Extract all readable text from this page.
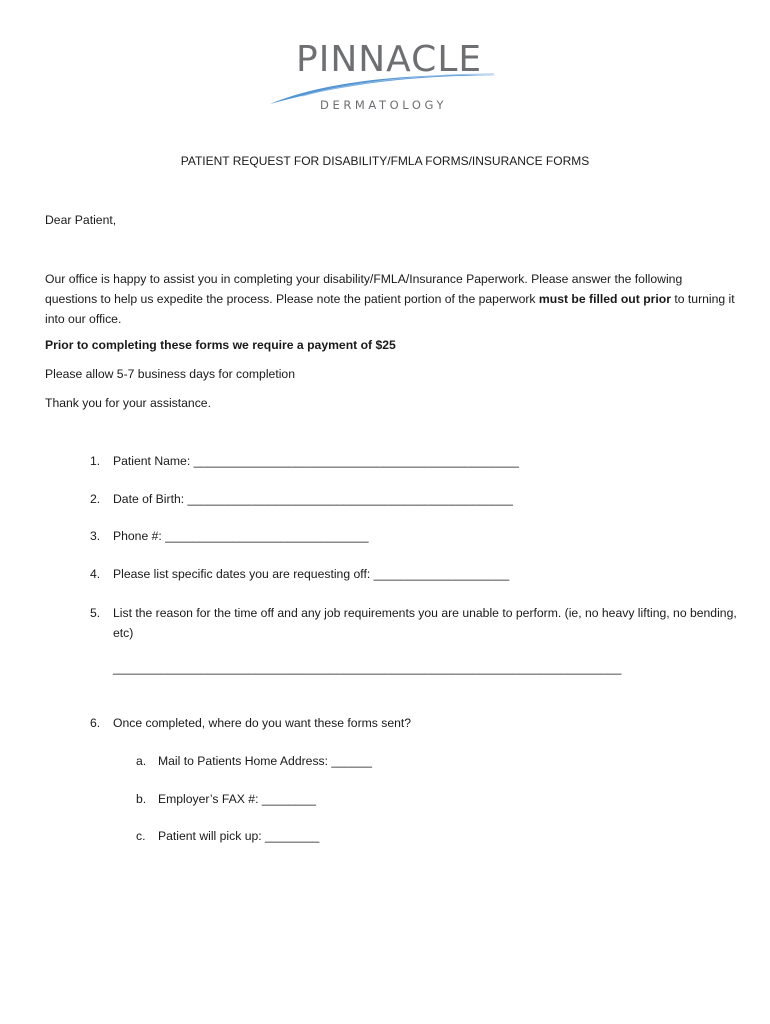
PINNACLE
DERMATOLOGY
PATIENT REQUEST FOR DISABILITY/FMLA FORMS/INSURANCE FORMS
Dear Patient,
Our office is happy to assist you in completing your disability/FMLA/Insurance Paperwork. Please answer the following questions to help us expedite the process. Please note the patient portion of the paperwork must be filled out prior to turning it into our office.
Prior to completing these forms we require a payment of $25
Please allow 5-7 business days for completion
Thank you for your assistance.
1. Patient Name: ________________________________________________
2. Date of Birth: ________________________________________________
3. Phone #: ______________________________
4. Please list specific dates you are requesting off: ____________________
5.	List the reason for the time off and any job requirements you are unable to perform. (ie, no heavy lifting, no bending, etc)
___________________________________________________________________________
6. Once completed, where do you want these forms sent?
a. Mail to Patients Home Address: ______
b. Employer’s FAX #: ________
c. Patient will pick up: ________
